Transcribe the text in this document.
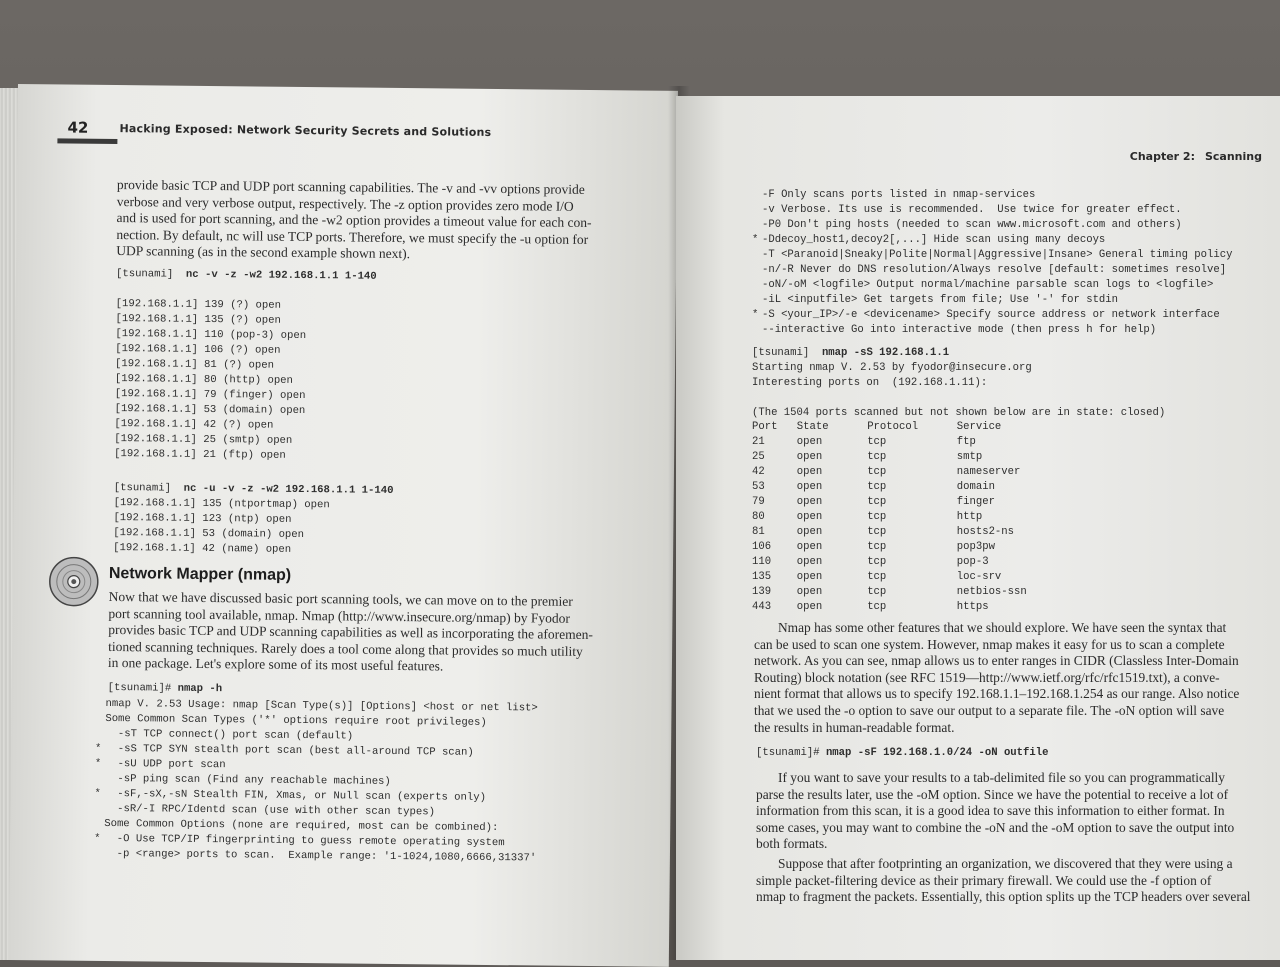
42	Hacking Exposed: Network Security Secrets and Solutions

provide basic TCP and UDP port scanning capabilities. The -v and -vv options provide

verbose and very verbose output, respectively. The -z option provides zero mode I/O

and is used for port scanning, and the -w2 option provides a timeout value for each con-

nection. By default, nc will use TCP ports. Therefore, we must specify the -u option for

UDP scanning (as in the second example shown next).

[tsunami] nc -v -z -w2 192.168.1.1 1-140
[192.168.1.1] 139 (?) open
[192.168.1.1] 135 (?) open
[192.168.1.1] 110 (pop-3) open
[192.168.1.1] 106 (?) open
[192.168.1.1] 81 (?) open
[192.168.1.1] 80 (http) open
[192.168.1.1] 79 (finger) open
[192.168.1.1] 53 (domain) open
[192.168.1.1] 42 (?) open
[192.168.1.1] 25 (smtp) open
[192.168.1.1] 21 (ftp) open
[tsunami] nc -u -v -z -w2 192.168.1.1 1-140
[192.168.1.1] 135 (ntportmap) open
[192.168.1.1] 123 (ntp) open
[192.168.1.1] 53 (domain) open
[192.168.1.1] 42 (name) open
Network Mapper (nmap)

Now that we have discussed basic port scanning tools, we can move on to the premier

port scanning tool available, nmap. Nmap (http://www.insecure.org/nmap) by Fyodor

provides basic TCP and UDP scanning capabilities as well as incorporating the aforemen-

tioned scanning techniques. Rarely does a tool come along that provides so much utility

in one package. Let's explore some of its most useful features.

[tsunami]# nmap -h
nmap V. 2.53 Usage: nmap [Scan Type(s)] [Options] <host or net list>
Some Common Scan Types ('*' options require root privileges)
-sT TCP connect() port scan (default)
*  -sS TCP SYN stealth port scan (best all-around TCP scan)
*  -sU UDP port scan
-sP ping scan (Find any reachable machines)
*  -sF,-sX,-sN Stealth FIN, Xmas, or Null scan (experts only)
-sR/-I RPC/Identd scan (use with other scan types)
Some Common Options (none are required, most can be combined):
*  -O Use TCP/IP fingerprinting to guess remote operating system
-p <range> ports to scan.  Example range: '1-1024,1080,6666,31337'
Chapter 2: Scanning
-F Only scans ports listed in nmap-services
-v Verbose. Its use is recommended.  Use twice for greater effect.
-P0 Don't ping hosts (needed to scan www.microsoft.com and others)
* -Ddecoy_host1,decoy2[,...] Hide scan using many decoys
-T <Paranoid|Sneaky|Polite|Normal|Aggressive|Insane> General timing policy
-n/-R Never do DNS resolution/Always resolve [default: sometimes resolve]
-oN/-oM <logfile> Output normal/machine parsable scan logs to <logfile>
-iL <inputfile> Get targets from file; Use '-' for stdin
* -S <your_IP>/-e <devicename> Specify source address or network interface
--interactive Go into interactive mode (then press h for help)
[tsunami] nmap -sS 192.168.1.1
Starting nmap V. 2.53 by fyodor@insecure.org
Interesting ports on  (192.168.1.11):

(The 1504 ports scanned but not shown below are in state: closed)
Port State	Protocol	Service
21	open	tcp	ftp
25	open	tcp	smtp
42	open	tcp	nameserver
53	open	tcp	domain
79	open	tcp	finger
80	open	tcp	http
81	open	tcp	hosts2-ns
106 open	tcp	pop3pw
110 open	tcp	pop-3
135 open	tcp	loc-srv
139 open	tcp	netbios-ssn
443 open	tcp	https

Nmap has some other features that we should explore. We have seen the syntax that

can be used to scan one system. However, nmap makes it easy for us to scan a complete

network. As you can see, nmap allows us to enter ranges in CIDR (Classless Inter-Domain

Routing) block notation (see RFC 1519—http://www.ietf.org/rfc/rfc1519.txt), a conve-

nient format that allows us to specify 192.168.1.1–192.168.1.254 as our range. Also notice

that we used the -o option to save our output to a separate file. The -oN option will save

the results in human-readable format.

[tsunami]# nmap -sF 192.168.1.0/24 -oN outfile

If you want to save your results to a tab-delimited file so you can programmatically

parse the results later, use the -oM option. Since we have the potential to receive a lot of

information from this scan, it is a good idea to save this information to either format. In

some cases, you may want to combine the -oN and the -oM option to save the output into

both formats.

Suppose that after footprinting an organization, we discovered that they were using a

simple packet-filtering device as their primary firewall. We could use the -f option of

nmap to fragment the packets. Essentially, this option splits up the TCP headers over several
